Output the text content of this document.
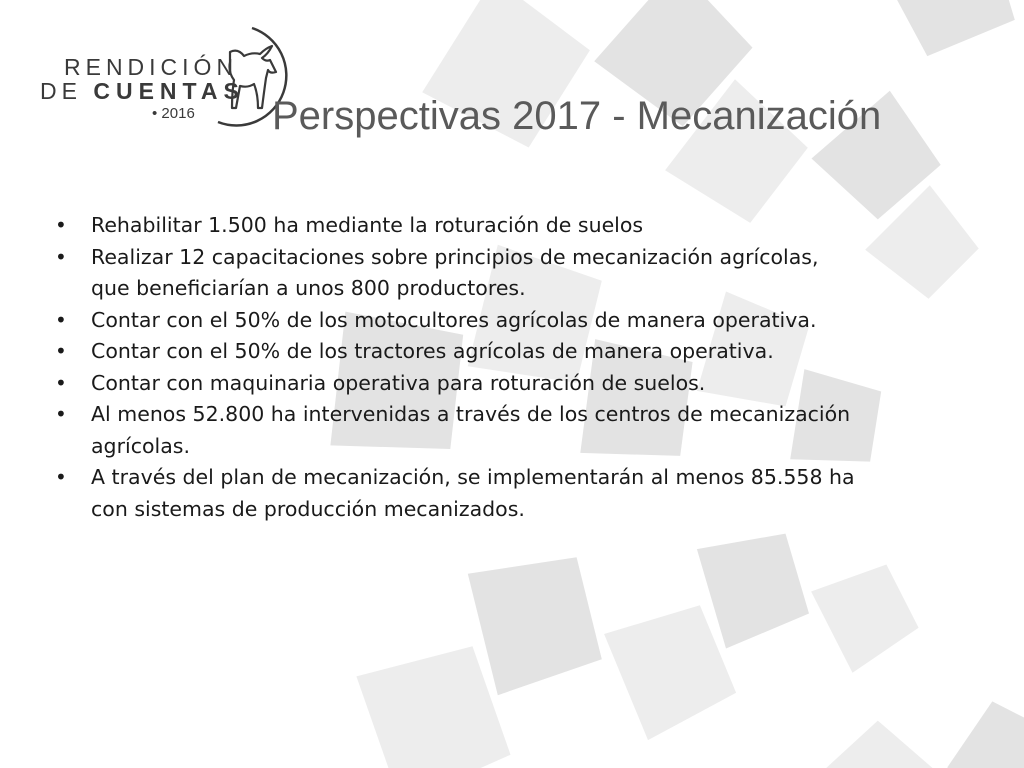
RENDICIÓN
DE CUENTAS
• 2016 Perspectivas 2017 - Mecanización
• Rehabilitar 1.500 ha mediante la roturación de suelos
• Realizar 12 capacitaciones sobre principios de mecanización agrícolas, que beneficiarían a unos 800 productores.
• Contar con el 50% de los motocultores agrícolas de manera operativa.
• Contar con el 50% de los tractores agrícolas de manera operativa.
• Contar con maquinaria operativa para roturación de suelos.
• Al menos 52.800 ha intervenidas a través de los centros de mecanización agrícolas.
• A través del plan de mecanización, se implementarán al menos 85.558 ha con sistemas de producción mecanizados.
